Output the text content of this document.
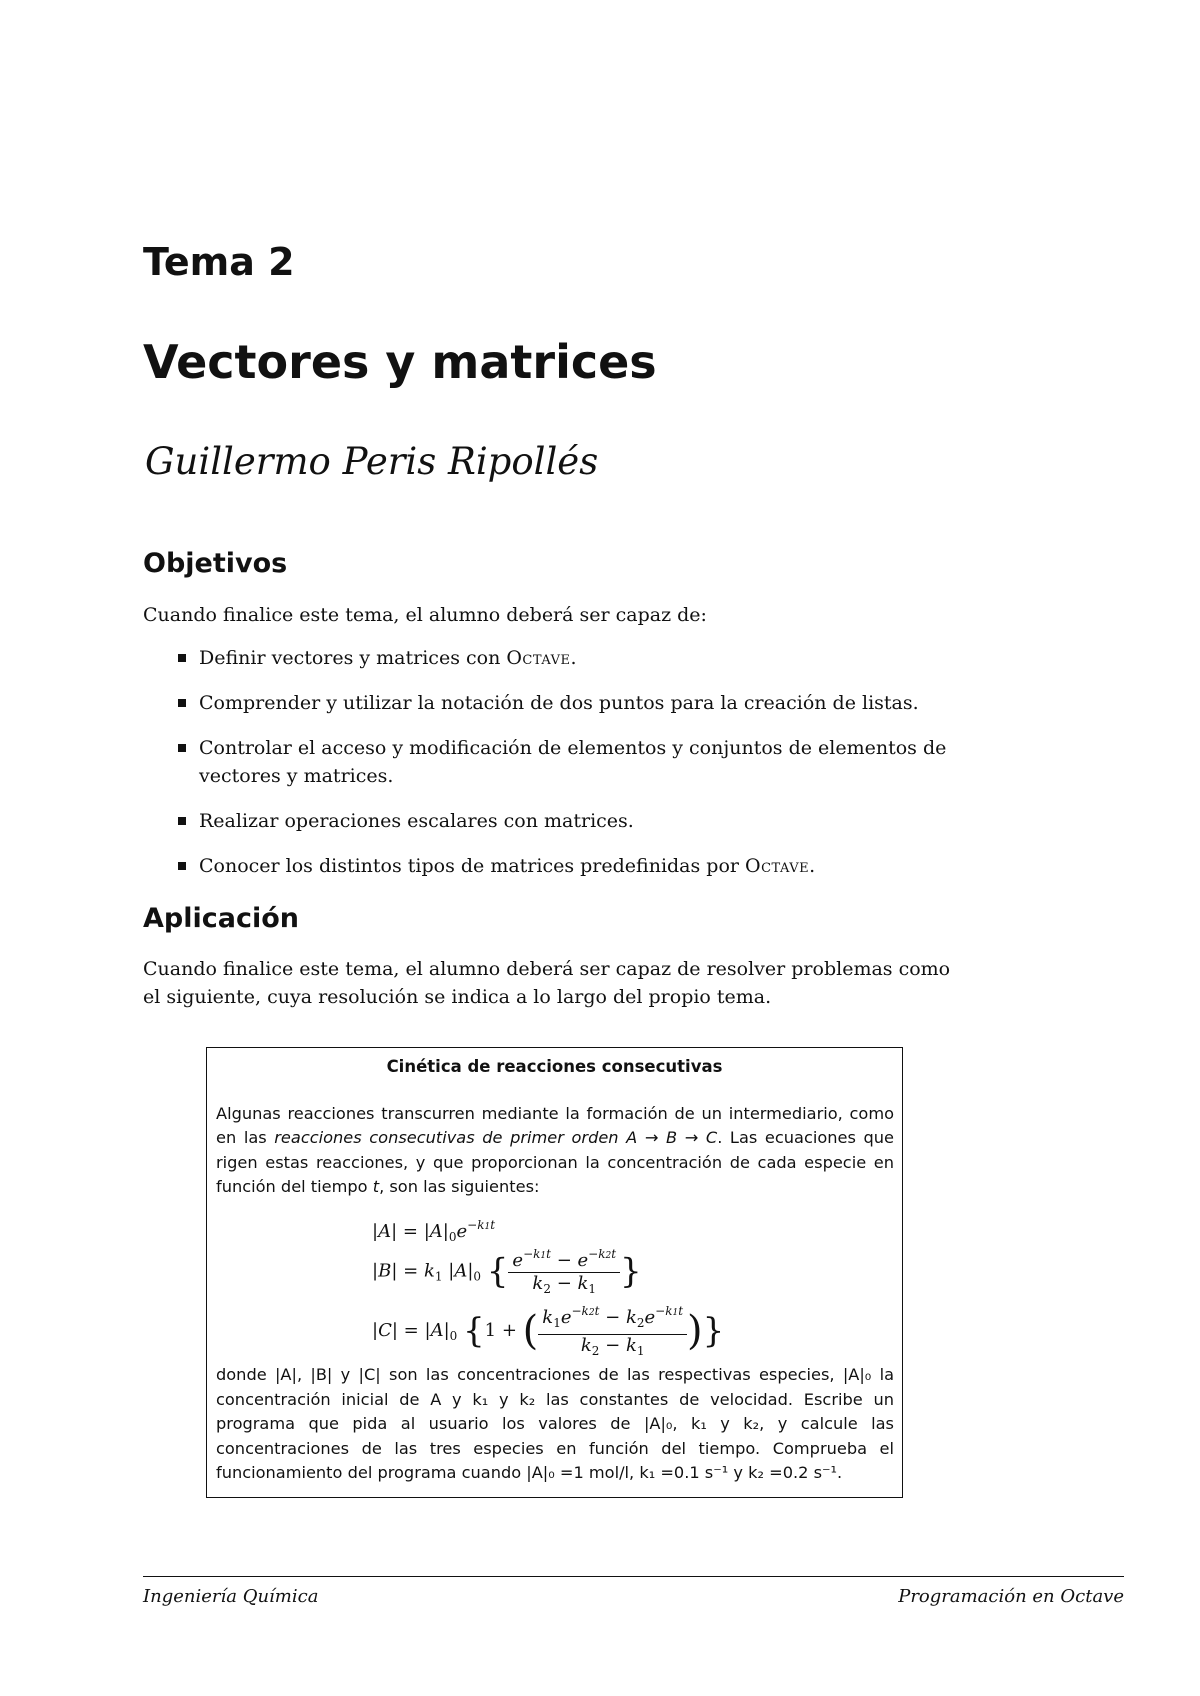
Tema 2
Vectores y matrices
Guillermo Peris Ripollés
Objetivos
Cuando finalice este tema, el alumno deberá ser capaz de:
Definir vectores y matrices con Octave.
Comprender y utilizar la notación de dos puntos para la creación de listas.
Controlar el acceso y modificación de elementos y conjuntos de elementos de vectores y matrices.
Realizar operaciones escalares con matrices.
Conocer los distintos tipos de matrices predefinidas por Octave.
Aplicación
Cuando finalice este tema, el alumno deberá ser capaz de resolver problemas como el siguiente, cuya resolución se indica a lo largo del propio tema.
Cinética de reacciones consecutivas
Algunas reacciones transcurren mediante la formación de un intermediario, como en las reacciones consecutivas de primer orden A → B → C. Las ecuaciones que rigen estas reacciones, y que proporcionan la concentración de cada especie en función del tiempo t, son las siguientes:
$|A| = |A|_0e^{-k1t}$
$|B| = k_1$ $|A|_0$ { $\frac{e^{-k1t} - e^{-k2t}}{k_2 - k_1}$ }
$|C| = |A|_0$ {1 + ( $\frac{k_1e^{-k2t} - k_2e^{-k1t}}{k_2 - k_1}$ )}
donde |A|, |B| y |C| son las concentraciones de las respectivas especies, |A|₀ la concentración inicial de A y k₁ y k₂ las constantes de velocidad. Escribe un programa que pida al usuario los valores de |A|₀, k₁ y k₂, y calcule las concentraciones de las tres especies en función del tiempo. Comprueba el funcionamiento del programa cuando |A|₀ =1 mol/l, k₁ =0.1 s⁻¹ y k₂ =0.2 s⁻¹.
Ingeniería Química	Programación en Octave
